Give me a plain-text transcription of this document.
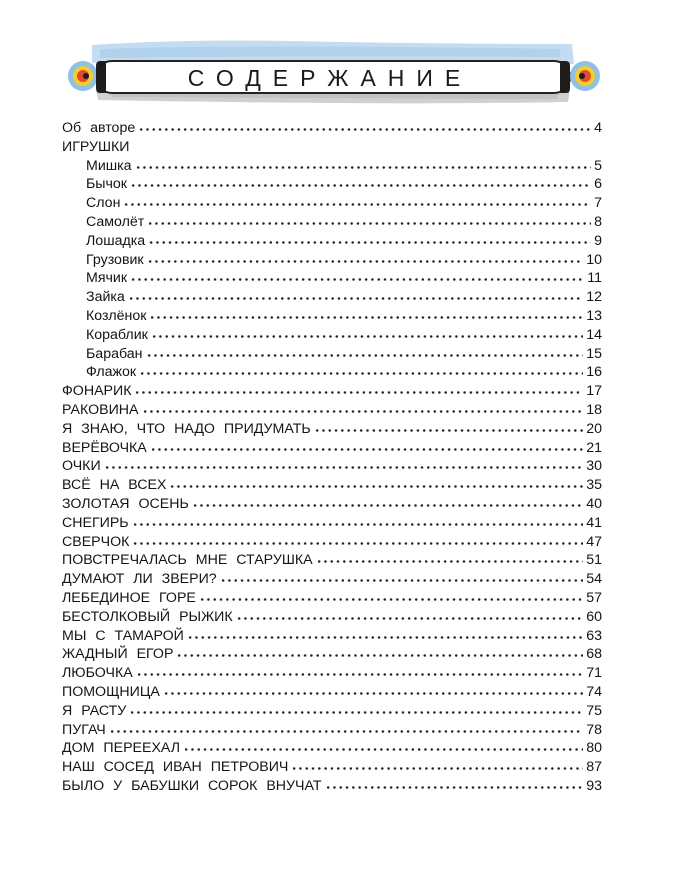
СОДЕРЖАНИЕ
Об авторе	4
ИГРУШКИ
Мишка	5
Бычок	6
Слон	7
Самолёт	8
Лошадка	9
Грузовик	10
Мячик	11
Зайка	12
Козлёнок	13
Кораблик	14
Барабан	15
Флажок	16
ФОНАРИК	17
РАКОВИНА	18
Я ЗНАЮ, ЧТО НАДО ПРИДУМАТЬ	20
ВЕРЁВОЧКА	21
ОЧКИ	30
ВСЁ НА ВСЕХ	35
ЗОЛОТАЯ ОСЕНЬ	40
СНЕГИРЬ	41
СВЕРЧОК	47
ПОВСТРЕЧАЛАСЬ МНЕ СТАРУШКА	51
ДУМАЮТ ЛИ ЗВЕРИ?	54
ЛЕБЕДИНОЕ ГОРЕ	57
БЕСТОЛКОВЫЙ РЫЖИК	60
МЫ С ТАМАРОЙ	63
ЖАДНЫЙ ЕГОР	68
ЛЮБОЧКА	71
ПОМОЩНИЦА	74
Я РАСТУ	75
ПУГАЧ	78
ДОМ ПЕРЕЕХАЛ	80
НАШ СОСЕД ИВАН ПЕТРОВИЧ	87
БЫЛО У БАБУШКИ СОРОК ВНУЧАТ	93
